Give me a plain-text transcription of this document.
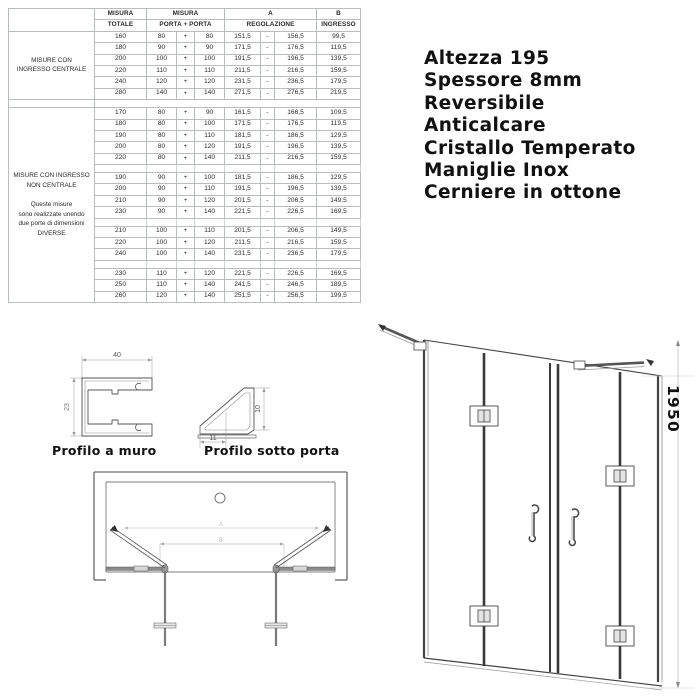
	MISURA	MISURA			A			B
	TOTALE	PORTA + PORTA			REGOLAZIONE			INGRESSO
MISURE CON
INGRESSO CENTRALE	160	80	+	80	151,5	-	156,5	99,5
	180	90	+	90	171,5	-	176,5	119,5
	200	100	+	100	191,5	-	196,5	139,5
	220	110	+	110	211,5	-	216,5	159,5
	240	120	+	120	231,5	-	236,5	179,5
	280	140	+	140	271,5	-	276,5	219,5

MISURE CON INGRESSO
NON CENTRALE

Queste misure
sono realizzate unendo
due porte di dimensioni
DIVERSE	170	80	+	90	161,5	-	166,5	109,5
	180	80	+	100	171,5	-	176,5	119,5
	190	80	+	110	181,5	-	186,5	129,5
	200	80	+	120	191,5	-	196,5	139,5
	220	80	+	140	211,5	-	216,5	159,5

	190	90	+	100	181,5	-	186,5	129,5
	200	90	+	110	191,5	-	196,5	139,5
	210	90	+	120	201,5	-	206,5	149,5
	230	90	+	140	221,5	-	226,5	169,5

	210	100	+	110	201,5	-	206,5	149,5
	220	100	+	120	211,5	-	216,5	159,5
	240	100	+	140	231,5	-	236,5	179,5

	230	110	+	120	221,5	-	226,5	169,5
	250	110	+	140	241,5	-	246,5	189,5
	260	120	+	140	251,5	-	256,5	199,5
Altezza 195
Spessore 8mm
Reversibile
Anticalcare
Cristallo Temperato
Maniglie Inox
Cerniere in ottone
40
23	10
11
Profilo a muro	Profilo sotto porta
A
B
1950
